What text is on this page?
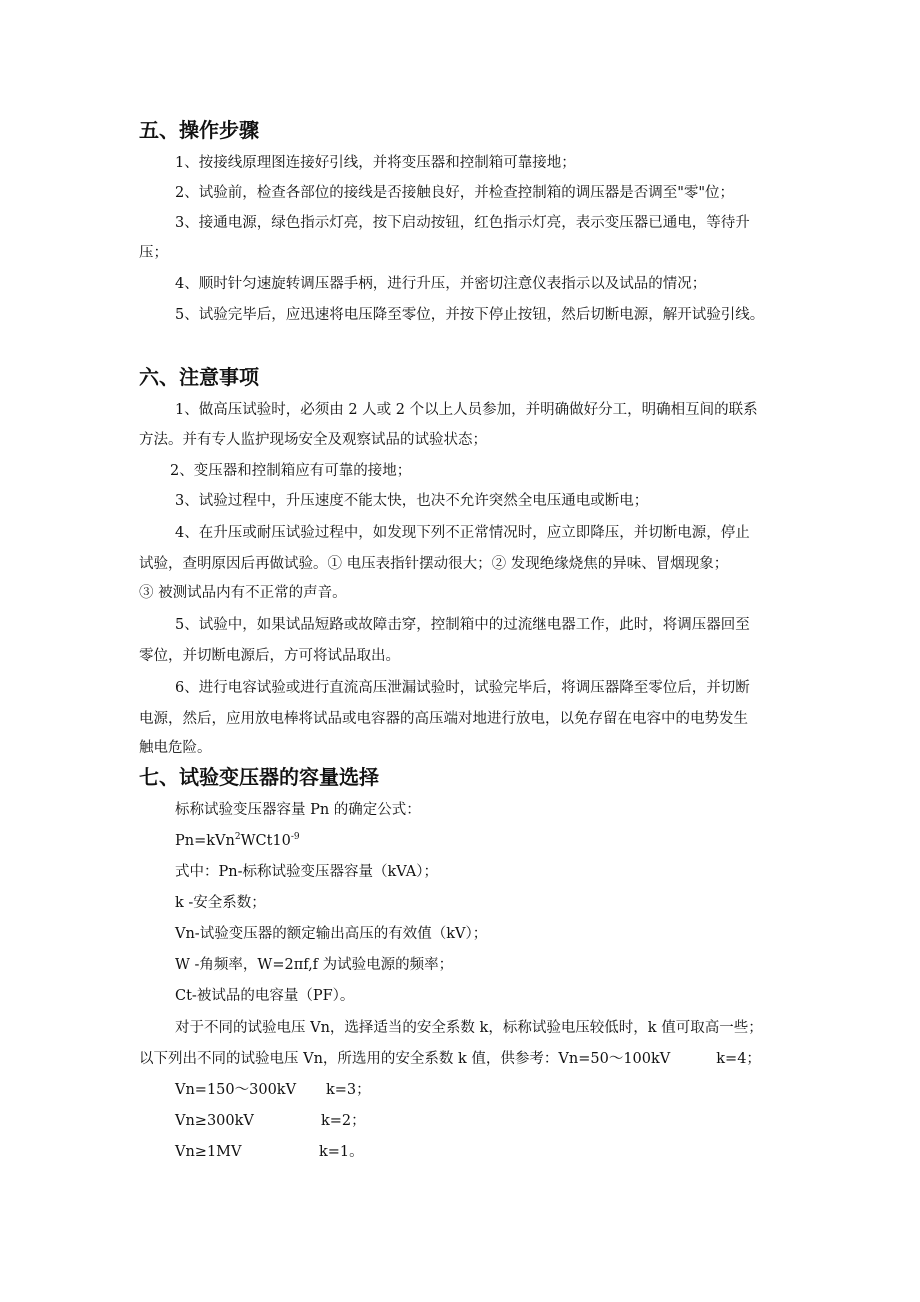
五、操作步骤

1、按接线原理图连接好引线，并将变压器和控制箱可靠接地；

2、试验前，检查各部位的接线是否接触良好，并检查控制箱的调压器是否调至"零"位；

3、接通电源，绿色指示灯亮，按下启动按钮，红色指示灯亮，表示变压器已通电，等待升

压；

4、顺时针匀速旋转调压器手柄，进行升压，并密切注意仪表指示以及试品的情况；

5、试验完毕后，应迅速将电压降至零位，并按下停止按钮，然后切断电源，解开试验引线。

六、注意事项

1、做高压试验时，必须由 2 人或 2 个以上人员参加，并明确做好分工，明确相互间的联系

方法。并有专人监护现场安全及观察试品的试验状态；

2、变压器和控制箱应有可靠的接地；

3、试验过程中，升压速度不能太快，也决不允许突然全电压通电或断电；

4、在升压或耐压试验过程中，如发现下列不正常情况时，应立即降压，并切断电源，停止

试验，查明原因后再做试验。① 电压表指针摆动很大；② 发现绝缘烧焦的异味、冒烟现象；

③ 被测试品内有不正常的声音。

5、试验中，如果试品短路或故障击穿，控制箱中的过流继电器工作，此时，将调压器回至

零位，并切断电源后，方可将试品取出。

6、进行电容试验或进行直流高压泄漏试验时，试验完毕后，将调压器降至零位后，并切断

电源，然后，应用放电棒将试品或电容器的高压端对地进行放电，以免存留在电容中的电势发生

触电危险。

七、试验变压器的容量选择

标称试验变压器容量 Pn 的确定公式：

$Pn=kVn^2WCt10^{-9}$

式中：Pn-标称试验变压器容量（kVA）；

k -安全系数；

Vn-试验变压器的额定输出高压的有效值（kV）；

W -角频率，W=2πf,f 为试验电源的频率；

Ct-被试品的电容量（PF）。

对于不同的试验电压 Vn，选择适当的安全系数 k，标称试验电压较低时，k 值可取高一些；

以下列出不同的试验电压 Vn，所选用的安全系数 k 值，供参考：Vn=50～100kV	k=4；

Vn=150～300kV k=3；

Vn≥300kV	k=2；

Vn≥1MV	k=1。
